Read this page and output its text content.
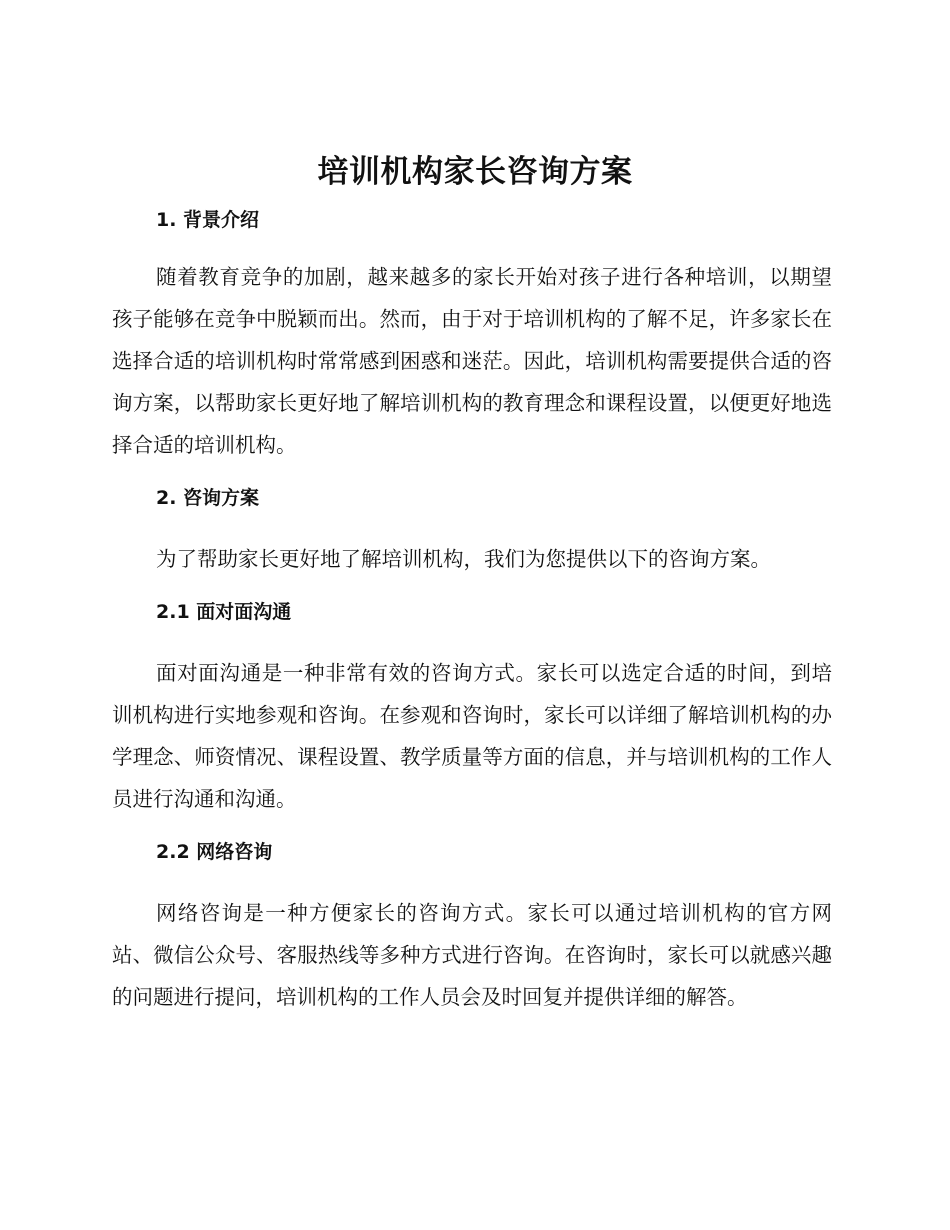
培训机构家长咨询方案
1. 背景介绍

随着教育竞争的加剧，越来越多的家长开始对孩子进行各种培训，以期望孩子能够在竞争中脱颖而出。然而，由于对于培训机构的了解不足，许多家长在选择合适的培训机构时常常感到困惑和迷茫。因此，培训机构需要提供合适的咨询方案，以帮助家长更好地了解培训机构的教育理念和课程设置，以便更好地选择合适的培训机构。

2. 咨询方案

为了帮助家长更好地了解培训机构，我们为您提供以下的咨询方案。

2.1 面对面沟通

面对面沟通是一种非常有效的咨询方式。家长可以选定合适的时间，到培训机构进行实地参观和咨询。在参观和咨询时，家长可以详细了解培训机构的办学理念、师资情况、课程设置、教学质量等方面的信息，并与培训机构的工作人员进行沟通和沟通。

2.2 网络咨询

网络咨询是一种方便家长的咨询方式。家长可以通过培训机构的官方网站、微信公众号、客服热线等多种方式进行咨询。在咨询时，家长可以就感兴趣的问题进行提问，培训机构的工作人员会及时回复并提供详细的解答。
